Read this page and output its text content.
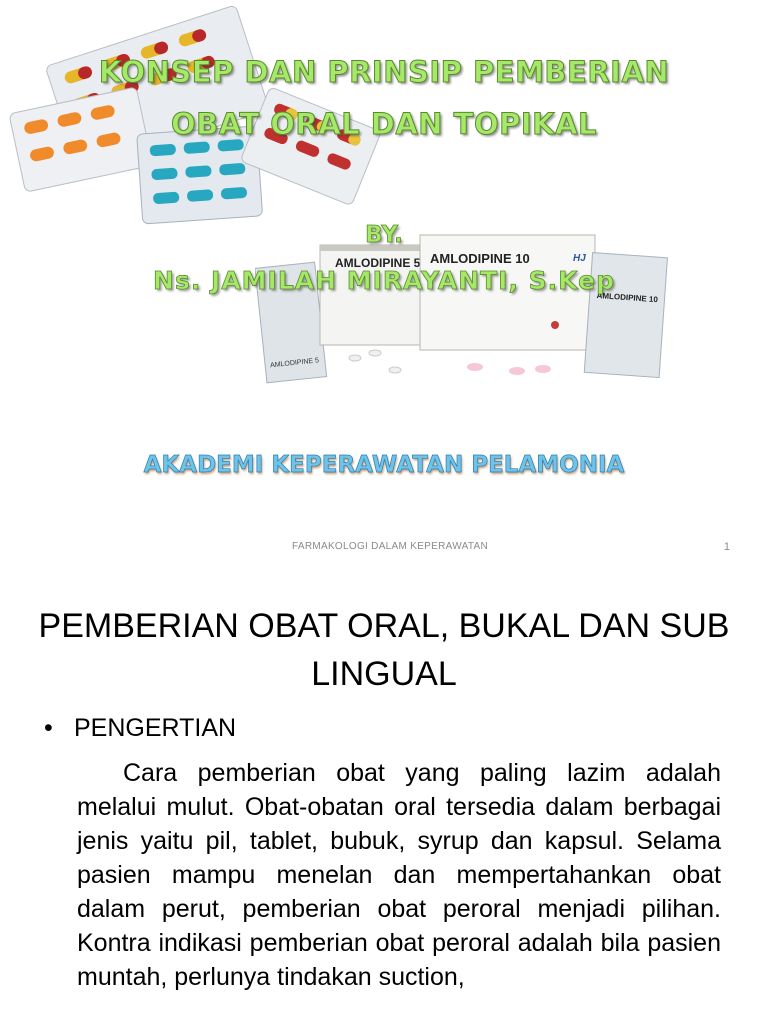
AMLODIPINE 5
AMLODIPINE 5 AMLODIPINE 10	HJ
AMLODIPINE 10
KONSEP DAN PRINSIP PEMBERIAN
OBAT ORAL DAN TOPIKAL
BY.
Ns. JAMILAH MIRAYANTI, S.Kep
AKADEMI KEPERAWATAN PELAMONIA
FARMAKOLOGI DALAM KEPERAWATAN	1
PEMBERIAN OBAT ORAL, BUKAL DAN SUB LINGUAL
• PENGERTIAN
Cara pemberian obat yang paling lazim adalah melalui mulut. Obat-obatan oral tersedia dalam berbagai jenis yaitu pil, tablet, bubuk, syrup dan kapsul. Selama pasien mampu menelan dan mempertahankan obat dalam perut, pemberian obat peroral menjadi pilihan. Kontra indikasi pemberian obat peroral adalah bila pasien muntah, perlunya tindakan suction,
